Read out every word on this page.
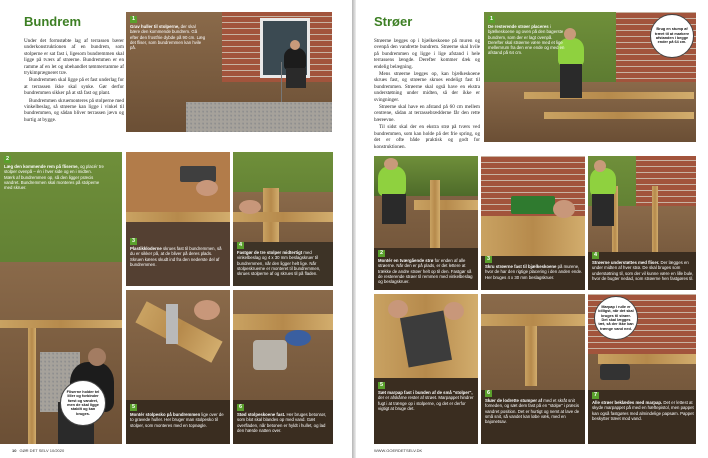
Bundrem

Under det formstøbte lag af terrassen bærer underkonstruktionen af en bundrem, som stolperne er sat fast i, ligesom bundremmen skal ligge på tværs af strøerne. Bundremmen er en ramme af en let og ubehandlet tømmerramme af trykimprægneret træ.

Bundremmen skal ligge på et fast underlag for at terrassen ikke skal synke. Gør derfor bundremmen sikker på at stå fast og plant.

Bundremmen skruemonteres på stolperne med vinkelbeslag, så strøerne kan ligge i vinkel til bundremmen, og sådan bliver terrassen jævn og hurtig at bygge.

1
Grav huller til stolperne, der skal bære den kommende bundrem. Gå efter den frostfrie dybde på 90 cm. Læg det fliser, som bundremmen kan hvile på.
2
Læg den kommende rem på fliserne, og placér tre stolper ovenpå – én i hver side og en i midten. Mærk af bundremmen op, så den ligger præcis vandret. Bundremmen skal monteres på stolperne med skruer.
Fliserne holder tel liller og forbinder først og vandret, men de skal ligge stabilt og kan bruges.
3
Plastikkloderne skrues fast til bundremmen, så du er sikker på, at de bliver på deres plads. Skruen kæres skudt ind fra den nederste del af bundremmen.
4
Fastgør de tre stolper midtertigt med vinkelbeslag og 4 x 30 mm beslagskruer til bundremmen, når den ligger helt lige. Når stolpeskruerne er monteret til bundremmen, skrues stolperne af og skrues til på fladen.
5
Montér stolpesko på bundremmen lige over de to gravede huller. Her bruger man stolpesko til stolper, som monteres med en topnøgle.
6
Stød stolpeskoene fast. Her bruges betonrør, som blot skal blandes op med vand. Gæt overfladen, når betonen er hyldt i hullet, og lad den hærde natten over.
10 GØR DET SELV 10/2020
Strøer

Strøerne lægges op i bjælkeskoene på muren og ovenpå den vandrette bundrem. Strøerne skal hvile på bundremmen og ligge i lige afstand i hele terrassens længde. Derefter kommer dæk og endelig belægning.

Mens strøerne lægges op, kan bjælkeskoene skrues fast, og strøerne skrues endeligt fast til bundremmen. Strøerne skal også have en ekstra understøtning under midten, så der ikke er svingninger.

Strøerne skal have en afstand på 60 cm mellem centrene, sådan at terrassebrædderne får den rette bæreevne.

Til sidst skal der en ekstra strø på tværs ved bundremmen, som kan holde på det frie spring, og det er ofte både praktisk og godt for konstruktionen.

1
De resterende strøer placeres i bjælkeskoene og oven på den bagerste bundrem, som der er lagt ovenpå. Derefter skal strøerne være med et lige mellemrum fra den ene ende og med en afstand på 64 cm.
Brug en stump af træet til at markere afstanden i begge ender på 64 cm.
2
Montér en tværgående strø for enden af alle strøerne. Når den er på plads, er det lettere at trække de andre strøer helt op til den. Fastgør så de resterende strøer til remmen med vinkelbeslag og beslagskruer.
3
Skru strøerne fast til bjælkeskoene på murene, hvor de har den rigtige placering i den anden ende. Her bruges 4 x 30 mm beslagskruer.
4
Strøerne understøttes med fliser. Der lægges en under midten af hver strø. De skal bruges som understøtning til, som der vil kunne være en lille bule, hvor de bugter nedad, som strøerne hen fastgøres til.
5
Sæt marpap fast i bunden af de små "stolper", der er afskårne rester af strøet. Marpappet hindrer fugt i at trænge op i stolperne, og det er derfor vigtigt at bruge det.
6
Skær de lodrette stumper af med et skråt snit forneden, og sæt dem fast på en "stolpe" i præcis vandret position. Det er hurtigt og nemt at lave de små snit, så vandet kan løbe væk, med en bajonetsav.
7
Alle strøer beklædes med marpap. Det er lettest at skyde marpappet på med en hæftepistol, men pappet kan også fastgøres med almindelige papsøm. Pappet beskytter træet mod vand.
Marpap i rulle er billigst, når det skal bruges til strøer. Det skal lægges tæt, så der ikke kan trænge vand ned.
WWW.GOERDETSELV.DK
